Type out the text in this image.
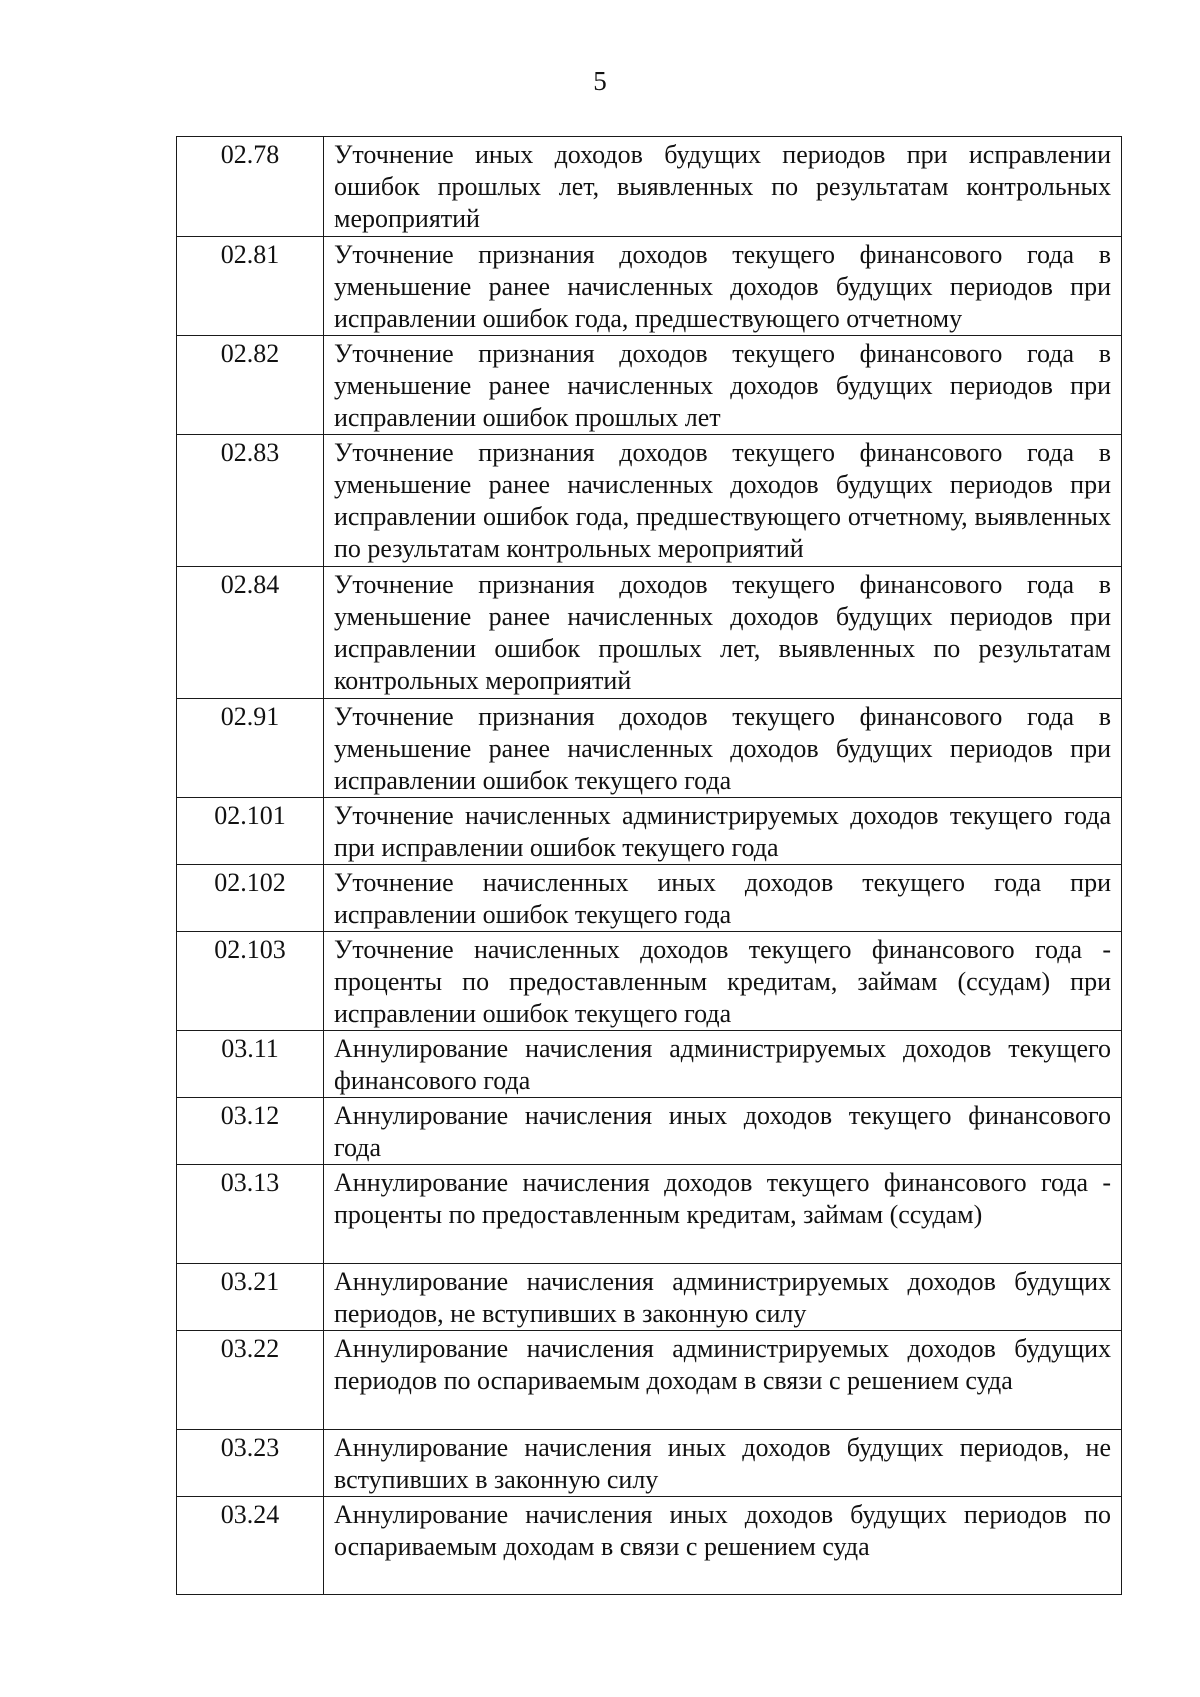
5
02.78	Уточнение иных доходов будущих периодов при исправлении ошибок прошлых лет, выявленных по результатам контрольных мероприятий
02.81	Уточнение признания доходов текущего финансового года в уменьшение ранее начисленных доходов будущих периодов при исправлении ошибок года, предшествующего отчетному
02.82	Уточнение признания доходов текущего финансового года в уменьшение ранее начисленных доходов будущих периодов при исправлении ошибок прошлых лет
02.83	Уточнение признания доходов текущего финансового года в уменьшение ранее начисленных доходов будущих периодов при исправлении ошибок года, предшествующего отчетному, выявленных по результатам контрольных мероприятий
02.84	Уточнение признания доходов текущего финансового года в уменьшение ранее начисленных доходов будущих периодов при исправлении ошибок прошлых лет, выявленных по результатам контрольных мероприятий
02.91	Уточнение признания доходов текущего финансового года в уменьшение ранее начисленных доходов будущих периодов при исправлении ошибок текущего года
02.101	Уточнение начисленных администрируемых доходов текущего года при исправлении ошибок текущего года
02.102	Уточнение начисленных иных доходов текущего года при исправлении ошибок текущего года
02.103	Уточнение начисленных доходов текущего финансового года - проценты по предоставленным кредитам, займам (ссудам) при исправлении ошибок текущего года
03.11	Аннулирование начисления администрируемых доходов текущего финансового года
03.12	Аннулирование начисления иных доходов текущего финансового года
03.13	Аннулирование начисления доходов текущего финансового года - проценты по предоставленным кредитам, займам (ссудам)
03.21	Аннулирование начисления администрируемых доходов будущих периодов, не вступивших в законную силу
03.22	Аннулирование начисления администрируемых доходов будущих периодов по оспариваемым доходам в связи с решением суда
03.23	Аннулирование начисления иных доходов будущих периодов, не вступивших в законную силу
03.24	Аннулирование начисления иных доходов будущих периодов по оспариваемым доходам в связи с решением суда
